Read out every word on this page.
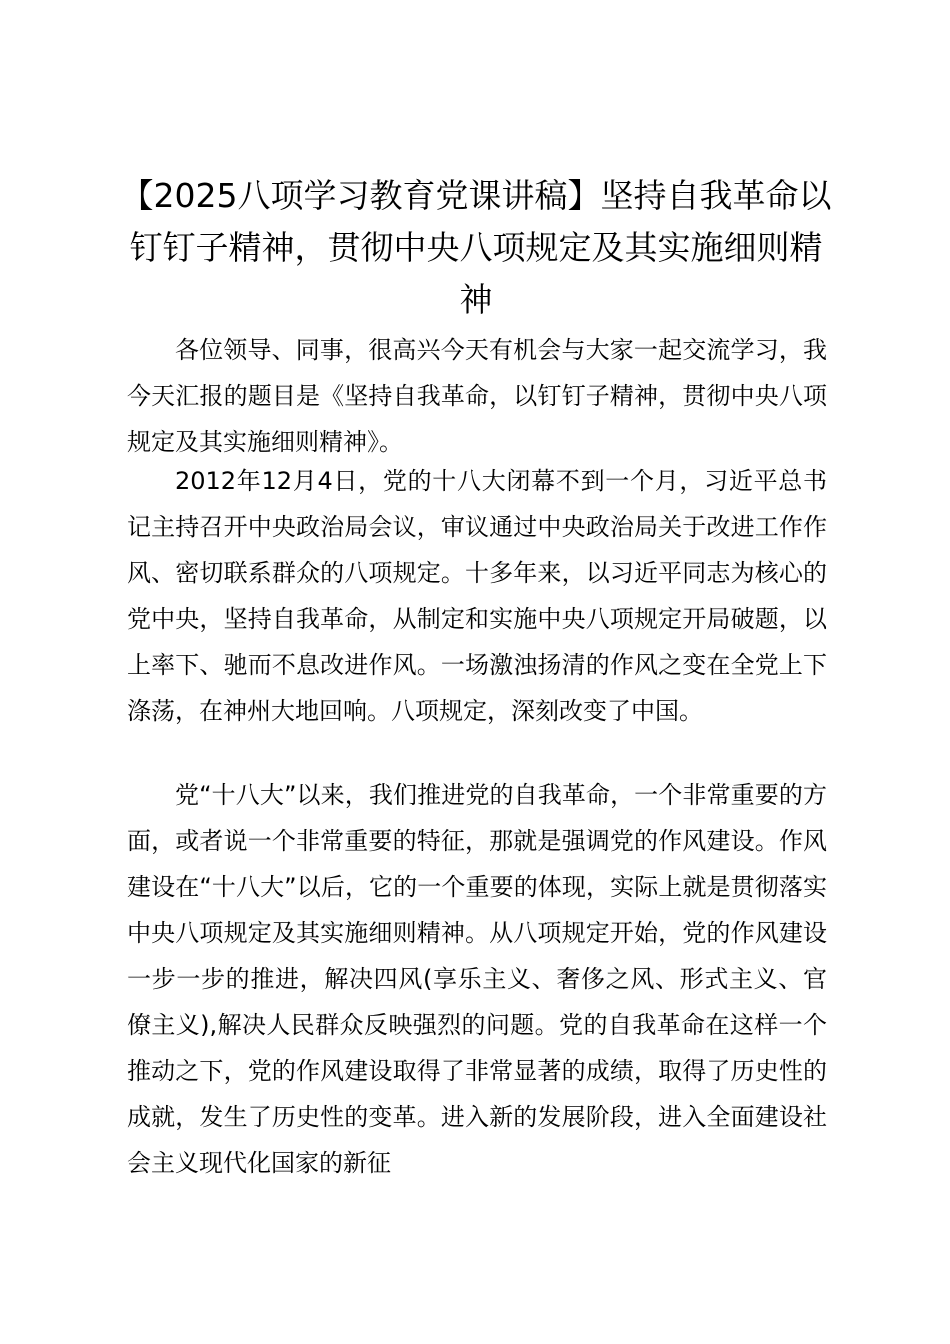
【2025八项学习教育党课讲稿】坚持自我革命以钉钉子精神，贯彻中央八项规定及其实施细则精神

各位领导、同事，很高兴今天有机会与大家一起交流学习，我今天汇报的题目是《坚持自我革命，以钉钉子精神，贯彻中央八项规定及其实施细则精神》。

2012年12月4日，党的十八大闭幕不到一个月，习近平总书记主持召开中央政治局会议，审议通过中央政治局关于改进工作作风、密切联系群众的八项规定。十多年来，以习近平同志为核心的党中央，坚持自我革命，从制定和实施中央八项规定开局破题，以上率下、驰而不息改进作风。一场激浊扬清的作风之变在全党上下涤荡，在神州大地回响。八项规定，深刻改变了中国。

党“十八大”以来，我们推进党的自我革命，一个非常重要的方面，或者说一个非常重要的特征，那就是强调党的作风建设。作风建设在“十八大”以后，它的一个重要的体现，实际上就是贯彻落实中央八项规定及其实施细则精神。从八项规定开始，党的作风建设一步一步的推进，解决四风(享乐主义、奢侈之风、形式主义、官僚主义),解决人民群众反映强烈的问题。党的自我革命在这样一个推动之下，党的作风建设取得了非常显著的成绩，取得了历史性的成就，发生了历史性的变革。进入新的发展阶段，进入全面建设社会主义现代化国家的新征
